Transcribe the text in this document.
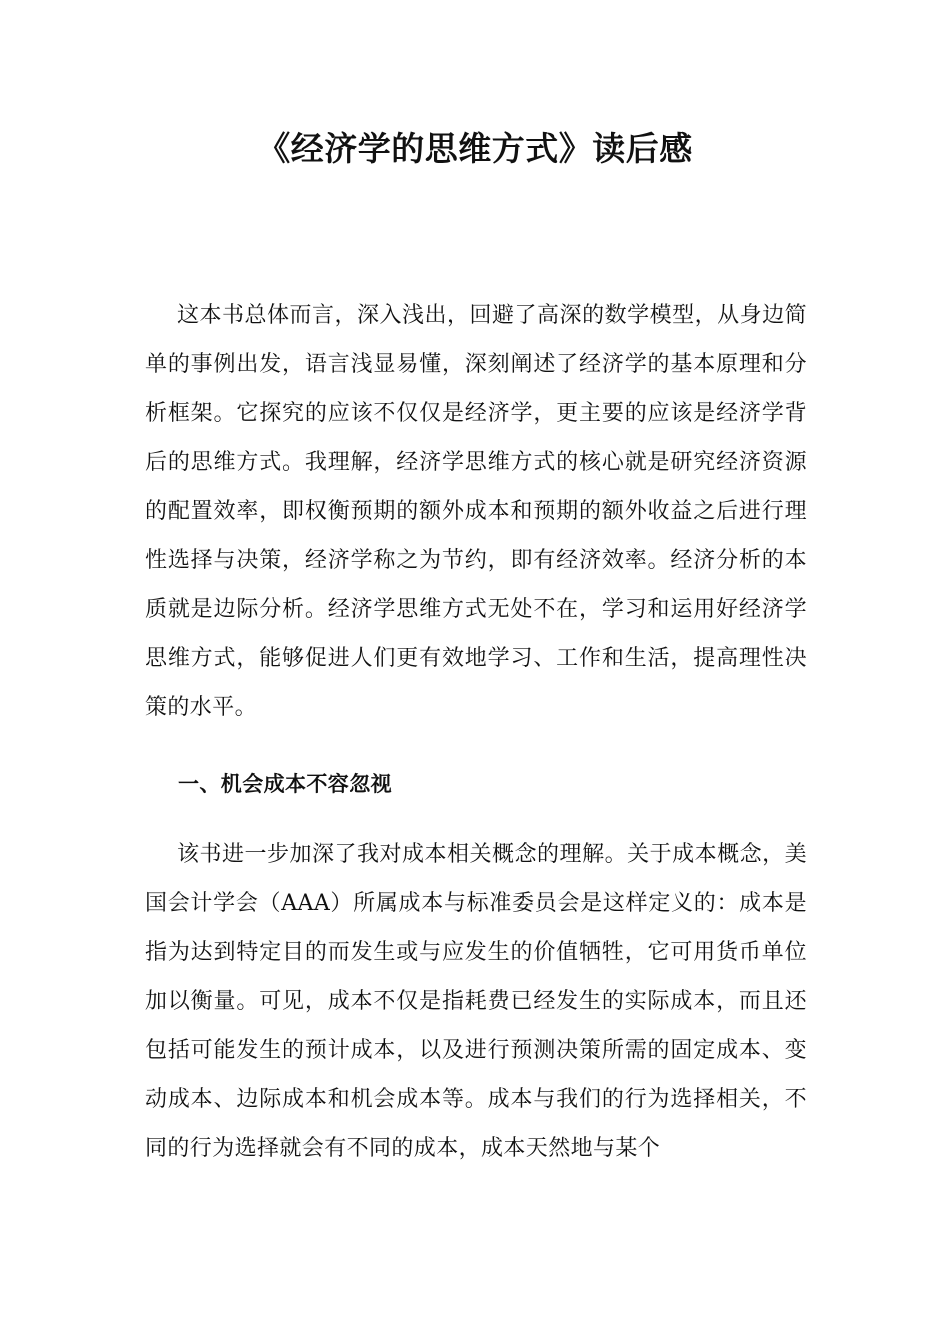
《经济学的思维方式》读后感

这本书总体而言，深入浅出，回避了高深的数学模型，从身边简单的事例出发，语言浅显易懂，深刻阐述了经济学的基本原理和分析框架。它探究的应该不仅仅是经济学，更主要的应该是经济学背后的思维方式。我理解，经济学思维方式的核心就是研究经济资源的配置效率，即权衡预期的额外成本和预期的额外收益之后进行理性选择与决策，经济学称之为节约，即有经济效率。经济分析的本质就是边际分析。经济学思维方式无处不在，学习和运用好经济学思维方式，能够促进人们更有效地学习、工作和生活，提高理性决策的水平。

一、机会成本不容忽视

该书进一步加深了我对成本相关概念的理解。关于成本概念，美国会计学会（AAA）所属成本与标准委员会是这样定义的：成本是指为达到特定目的而发生或与应发生的价值牺牲，它可用货币单位加以衡量。可见，成本不仅是指耗费已经发生的实际成本，而且还包括可能发生的预计成本，以及进行预测决策所需的固定成本、变动成本、边际成本和机会成本等。成本与我们的行为选择相关，不同的行为选择就会有不同的成本，成本天然地与某个
